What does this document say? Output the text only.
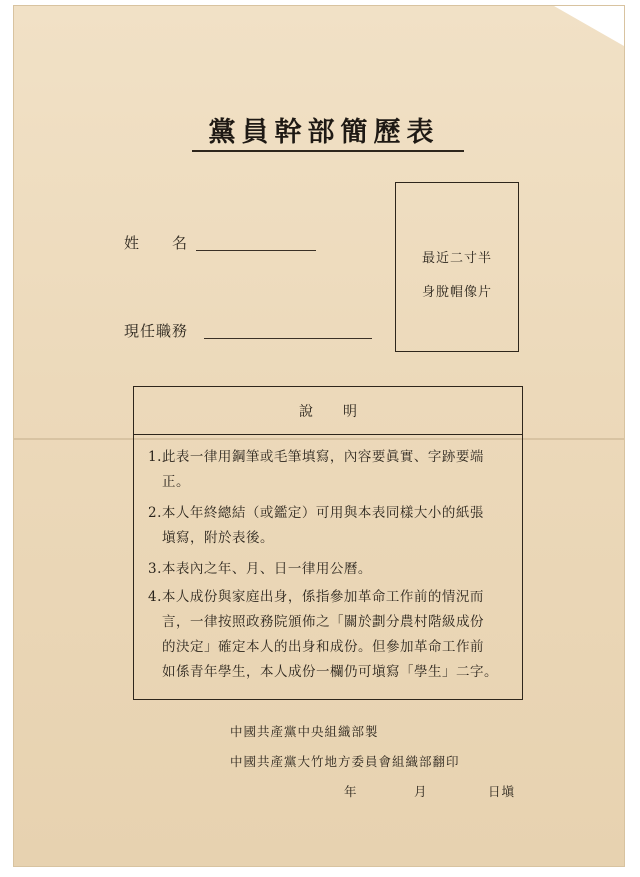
黨員幹部簡歷表
姓　　名
現任職務
最近二寸半
身脫帽像片
說明
1.此表一律用鋼筆或毛筆填寫，內容要眞實、字跡要端
正。
2.本人年終總結（或鑑定）可用與本表同樣大小的紙張
塡寫，附於表後。
3.本表內之年、月、日一律用公曆。
4.本人成份與家庭出身，係指參加革命工作前的情況而
言，一律按照政務院頒佈之「關於劃分農村階級成份
的決定」確定本人的出身和成份。但參加革命工作前
如係青年學生，本人成份一欄仍可塡寫「學生」二字。
中國共產黨中央組織部製
中國共產黨大竹地方委員會組織部翻印
年	月	日塡
